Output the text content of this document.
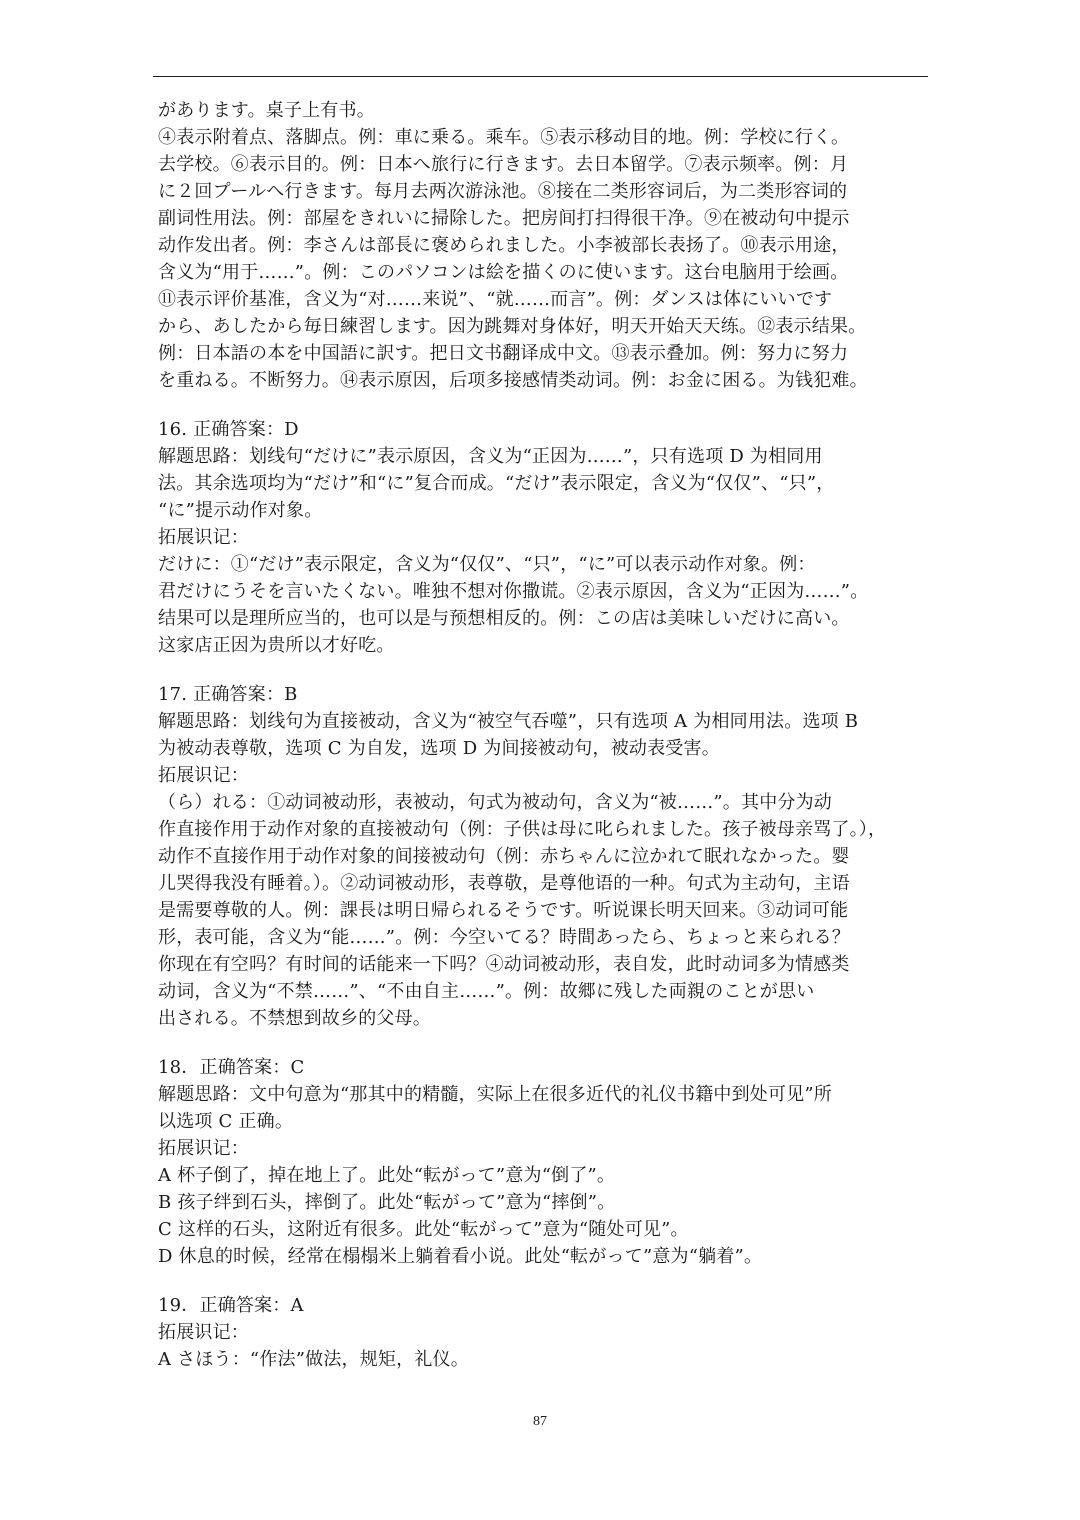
があります。桌子上有书。
④表示附着点、落脚点。例：車に乗る。乘车。⑤表示移动目的地。例：学校に行く。
去学校。⑥表示目的。例：日本へ旅行に行きます。去日本留学。⑦表示频率。例：月
に２回プールへ行きます。每月去两次游泳池。⑧接在二类形容词后，为二类形容词的
副词性用法。例：部屋をきれいに掃除した。把房间打扫得很干净。⑨在被动句中提示
动作发出者。例：李さんは部長に褒められました。小李被部长表扬了。⑩表示用途，
含义为“用于……”。例：このパソコンは絵を描くのに使います。这台电脑用于绘画。
⑪表示评价基准，含义为“对……来说”、“就……而言”。例：ダンスは体にいいです
から、あしたから毎日練習します。因为跳舞对身体好，明天开始天天练。⑫表示结果。
例：日本語の本を中国語に訳す。把日文书翻译成中文。⑬表示叠加。例：努力に努力
を重ねる。不断努力。⑭表示原因，后项多接感情类动词。例：お金に困る。为钱犯难。
16. 正确答案：D
解题思路：划线句“だけに”表示原因，含义为“正因为……”，只有选项 D 为相同用
法。其余选项均为“だけ”和“に”复合而成。“だけ”表示限定，含义为“仅仅”、“只”，
“に”提示动作对象。
拓展识记：
だけに：①“だけ”表示限定，含义为“仅仅”、“只”，“に”可以表示动作对象。例：
君だけにうそを言いたくない。唯独不想对你撒谎。②表示原因，含义为“正因为……”。
结果可以是理所应当的，也可以是与预想相反的。例：この店は美味しいだけに高い。
这家店正因为贵所以才好吃。
17. 正确答案：B
解题思路：划线句为直接被动，含义为“被空气吞噬”，只有选项 A 为相同用法。选项 B
为被动表尊敬，选项 C 为自发，选项 D 为间接被动句，被动表受害。
拓展识记：
（ら）れる：①动词被动形，表被动，句式为被动句，含义为“被……”。其中分为动
作直接作用于动作对象的直接被动句（例：子供は母に叱られました。孩子被母亲骂了。），
动作不直接作用于动作对象的间接被动句（例：赤ちゃんに泣かれて眠れなかった。婴
儿哭得我没有睡着。）。②动词被动形，表尊敬，是尊他语的一种。句式为主动句，主语
是需要尊敬的人。例：課長は明日帰られるそうです。听说课长明天回来。③动词可能
形，表可能，含义为“能……”。例：今空いてる？時間あったら、ちょっと来られる？
你现在有空吗？有时间的话能来一下吗？④动词被动形，表自发，此时动词多为情感类
动词，含义为“不禁……”、“不由自主……”。例：故郷に残した両親のことが思い
出される。不禁想到故乡的父母。
18．正确答案：C
解题思路：文中句意为“那其中的精髓，实际上在很多近代的礼仪书籍中到处可见”所
以选项 C 正确。
拓展识记：
A 杯子倒了，掉在地上了。此处“転がって”意为“倒了”。
B 孩子绊到石头，摔倒了。此处“転がって”意为“摔倒”。
C 这样的石头，这附近有很多。此处“転がって”意为“随处可见”。
D 休息的时候，经常在榻榻米上躺着看小说。此处“転がって”意为“躺着”。
19．正确答案：A
拓展识记：
A さほう：“作法”做法，规矩，礼仪。
87
